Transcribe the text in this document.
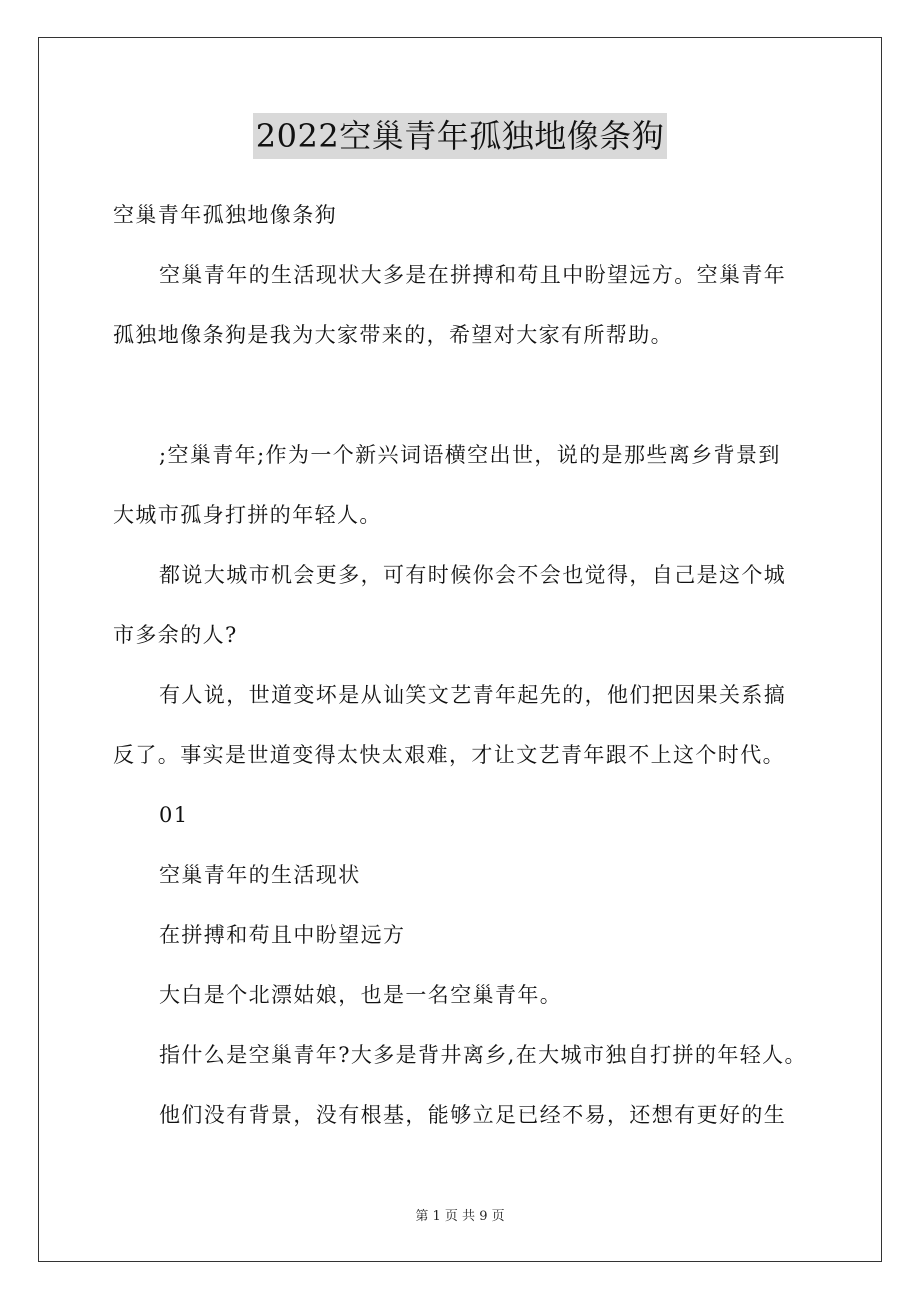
2022空巢青年孤独地像条狗

空巢青年孤独地像条狗

空巢青年的生活现状大多是在拼搏和苟且中盼望远方。空巢青年

孤独地像条狗是我为大家带来的，希望对大家有所帮助。

;空巢青年;作为一个新兴词语横空出世，说的是那些离乡背景到

大城市孤身打拼的年轻人。

都说大城市机会更多，可有时候你会不会也觉得，自己是这个城

市多余的人?

有人说，世道变坏是从讪笑文艺青年起先的，他们把因果关系搞

反了。事实是世道变得太快太艰难，才让文艺青年跟不上这个时代。

01

空巢青年的生活现状

在拼搏和苟且中盼望远方

大白是个北漂姑娘，也是一名空巢青年。

指什么是空巢青年?大多是背井离乡,在大城市独自打拼的年轻人。

他们没有背景，没有根基，能够立足已经不易，还想有更好的生

第 1 页 共 9 页
